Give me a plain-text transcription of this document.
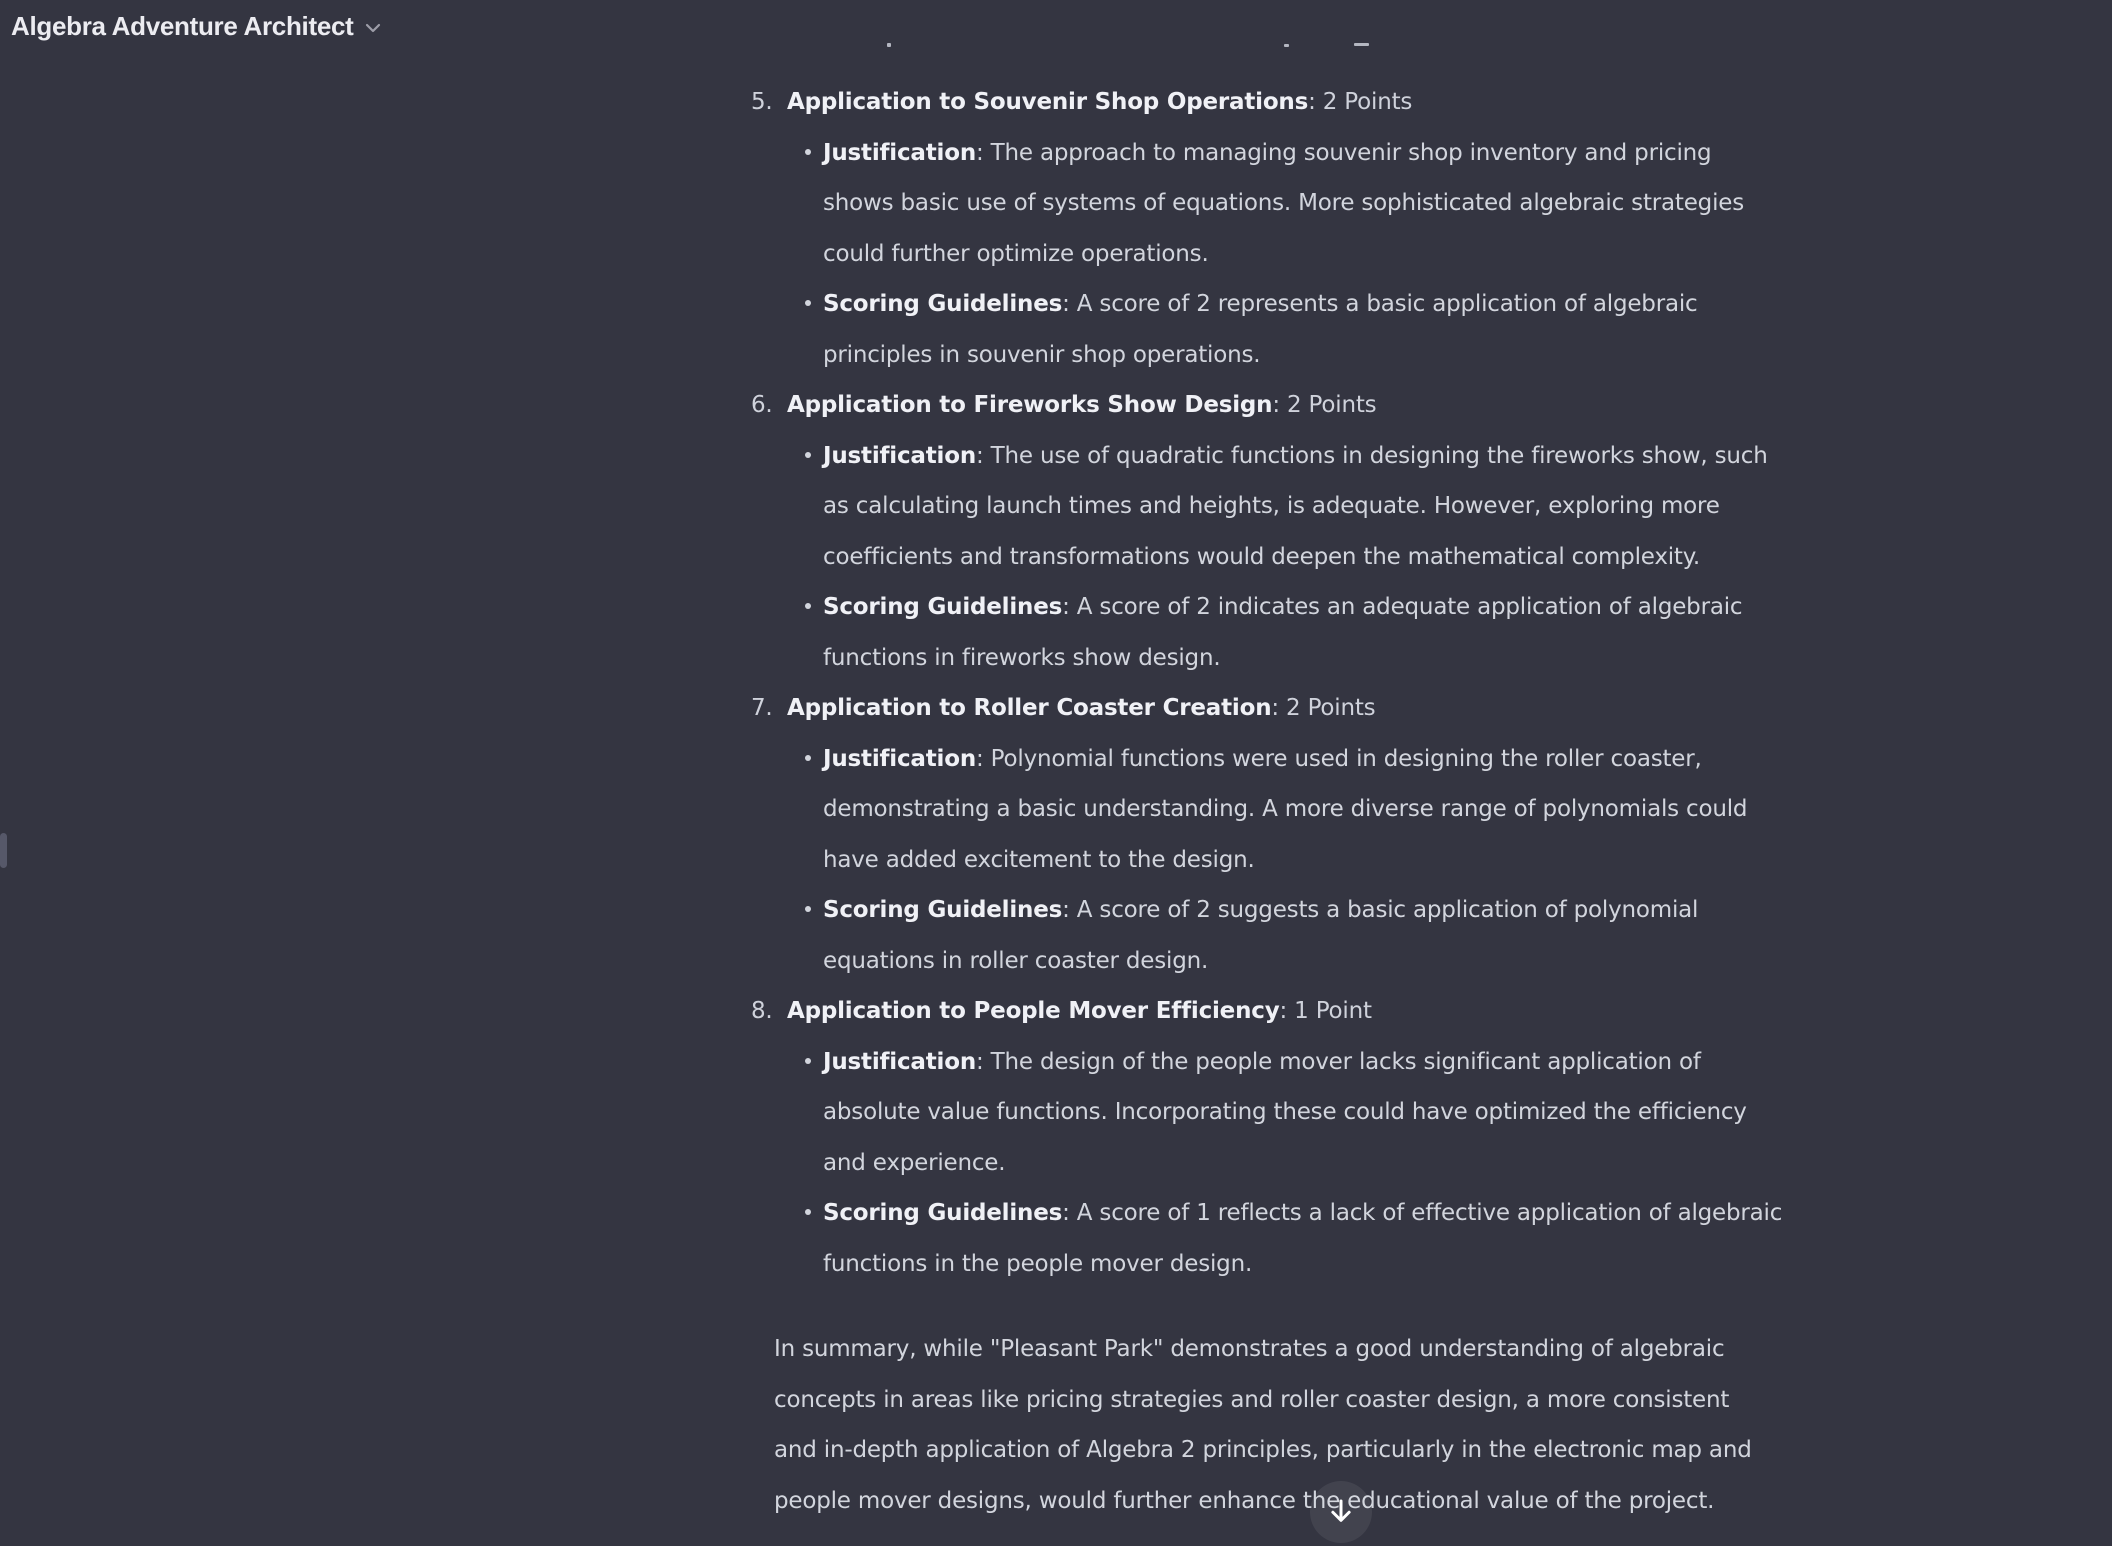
Algebra Adventure Architect
5. Application to Souvenir Shop Operations: 2 Points
Justification: The approach to managing souvenir shop inventory and pricing
shows basic use of systems of equations. More sophisticated algebraic strategies
could further optimize operations.
Scoring Guidelines: A score of 2 represents a basic application of algebraic
principles in souvenir shop operations.
6. Application to Fireworks Show Design: 2 Points
Justification: The use of quadratic functions in designing the fireworks show, such
as calculating launch times and heights, is adequate. However, exploring more
coefficients and transformations would deepen the mathematical complexity.
Scoring Guidelines: A score of 2 indicates an adequate application of algebraic
functions in fireworks show design.
7. Application to Roller Coaster Creation: 2 Points
Justification: Polynomial functions were used in designing the roller coaster,
demonstrating a basic understanding. A more diverse range of polynomials could
have added excitement to the design.
Scoring Guidelines: A score of 2 suggests a basic application of polynomial
equations in roller coaster design.
8. Application to People Mover Efficiency: 1 Point
Justification: The design of the people mover lacks significant application of
absolute value functions. Incorporating these could have optimized the efficiency
and experience.
Scoring Guidelines: A score of 1 reflects a lack of effective application of algebraic
functions in the people mover design.
In summary, while "Pleasant Park" demonstrates a good understanding of algebraic
concepts in areas like pricing strategies and roller coaster design, a more consistent
and in-depth application of Algebra 2 principles, particularly in the electronic map and
people mover designs, would further enhance the educational value of the project.
